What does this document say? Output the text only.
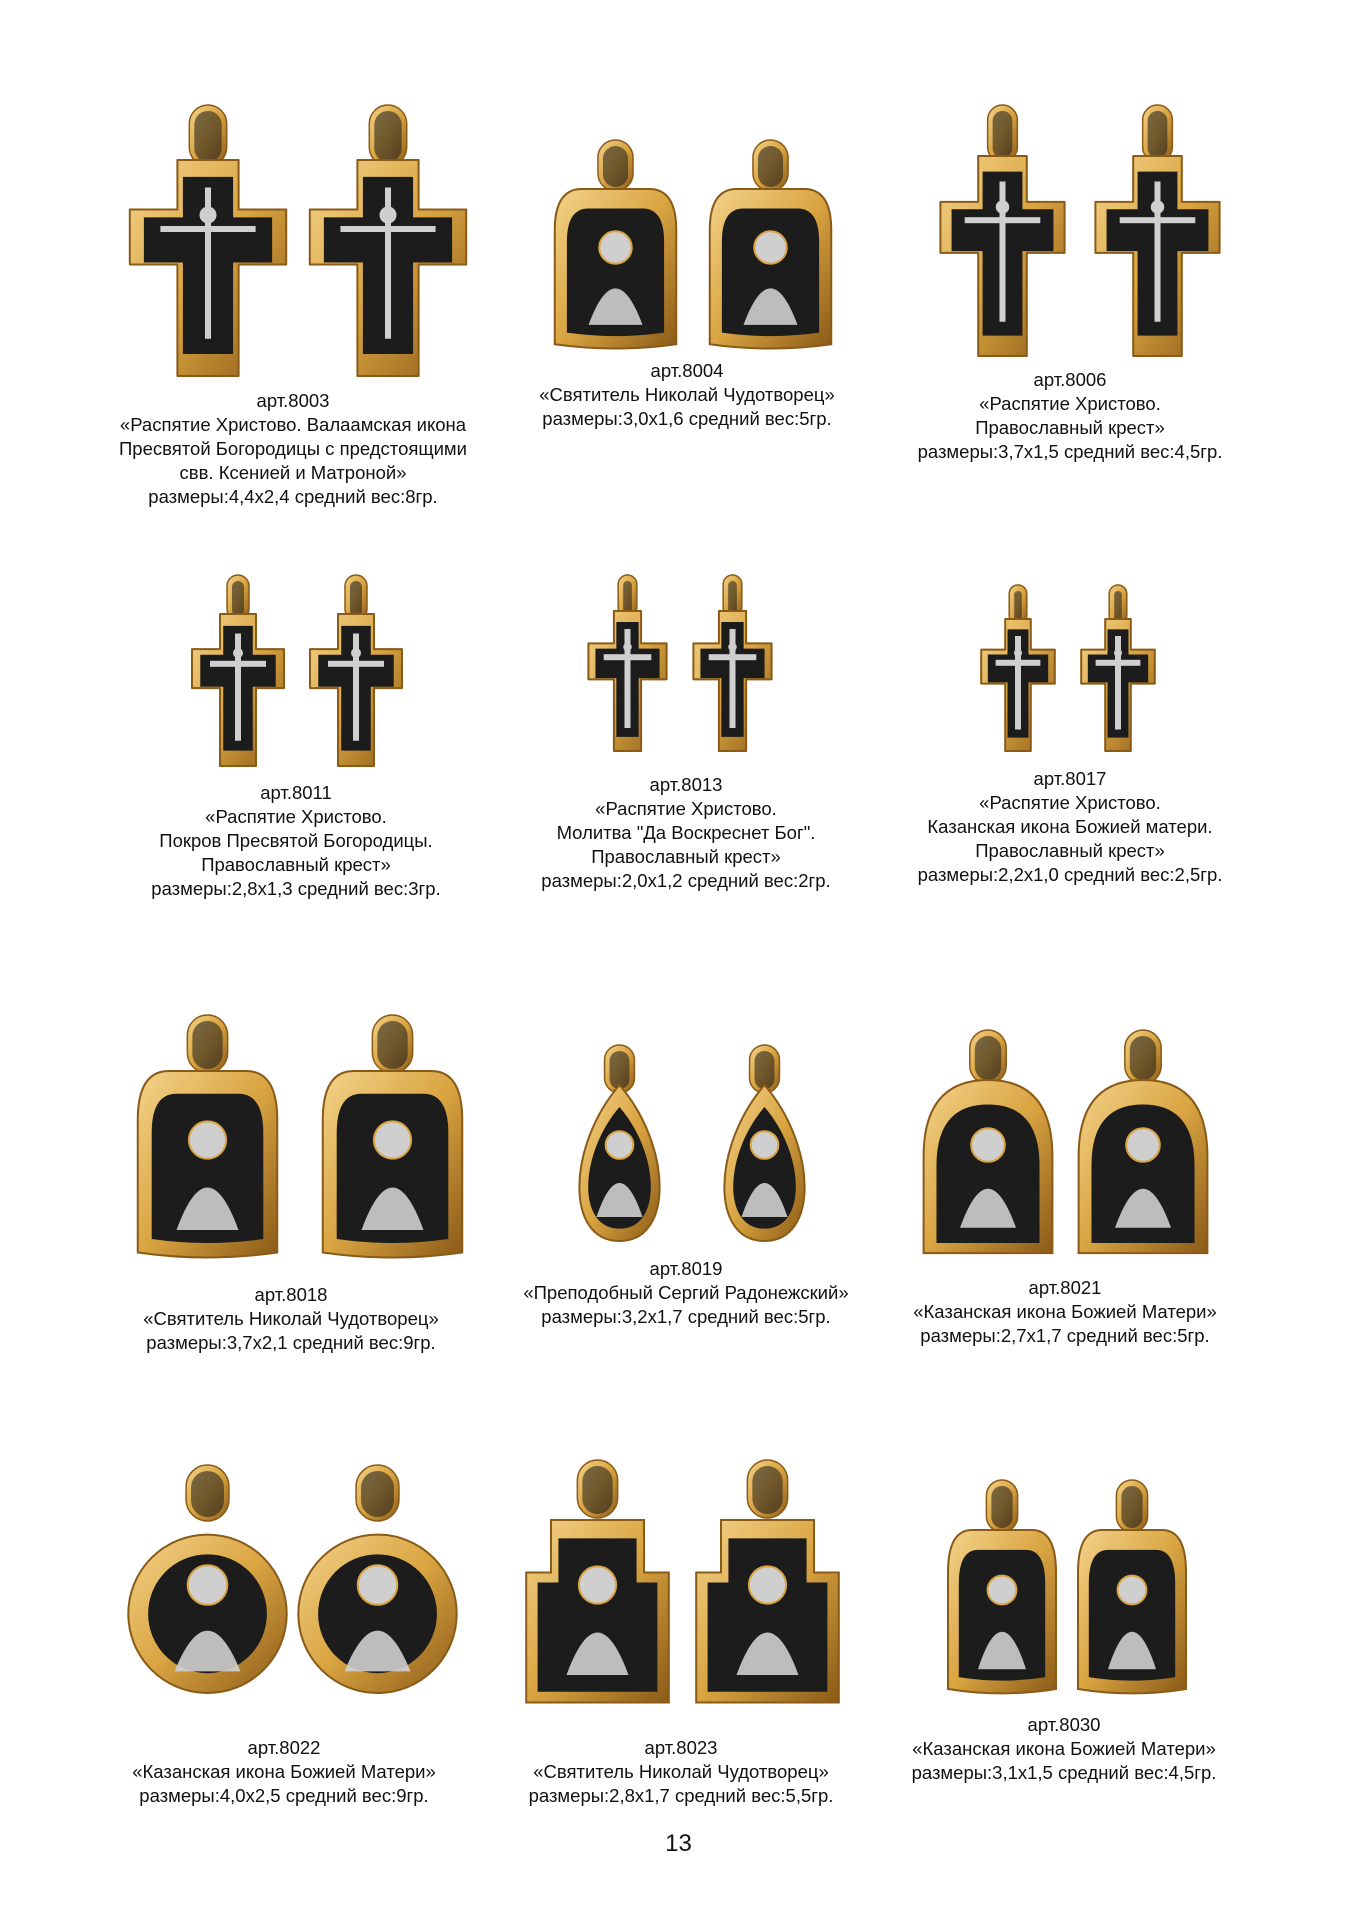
арт.8003
«Распятие Христово. Валаамская икона
Пресвятой Богородицы с предстоящими
свв. Ксенией и Матроной»
размеры:4,4х2,4 средний вес:8гр.
арт.8004
«Святитель Николай Чудотворец»
размеры:3,0х1,6 средний вес:5гр.
арт.8006
«Распятие Христово.
Православный крест»
размеры:3,7х1,5 средний вес:4,5гр.
арт.8011
«Распятие Христово.
Покров Пресвятой Богородицы.
Православный крест»
размеры:2,8х1,3 средний вес:3гр.
арт.8013
«Распятие Христово.
Молитва "Да Воскреснет Бог".
Православный крест»
размеры:2,0х1,2 средний вес:2гр.
арт.8017
«Распятие Христово.
Казанская икона Божией матери.
Православный крест»
размеры:2,2х1,0 средний вес:2,5гр.
арт.8018
«Святитель Николай Чудотворец»
размеры:3,7х2,1 средний вес:9гр.
арт.8019
«Преподобный Сергий Радонежский»
размеры:3,2х1,7 средний вес:5гр.
арт.8021
«Казанская икона Божией Матери»
размеры:2,7х1,7 средний вес:5гр.
арт.8022
«Казанская икона Божией Матери»
размеры:4,0х2,5 средний вес:9гр.
арт.8023
«Святитель Николай Чудотворец»
размеры:2,8х1,7 средний вес:5,5гр.
арт.8030
«Казанская икона Божией Матери»
размеры:3,1х1,5 средний вес:4,5гр.
13
